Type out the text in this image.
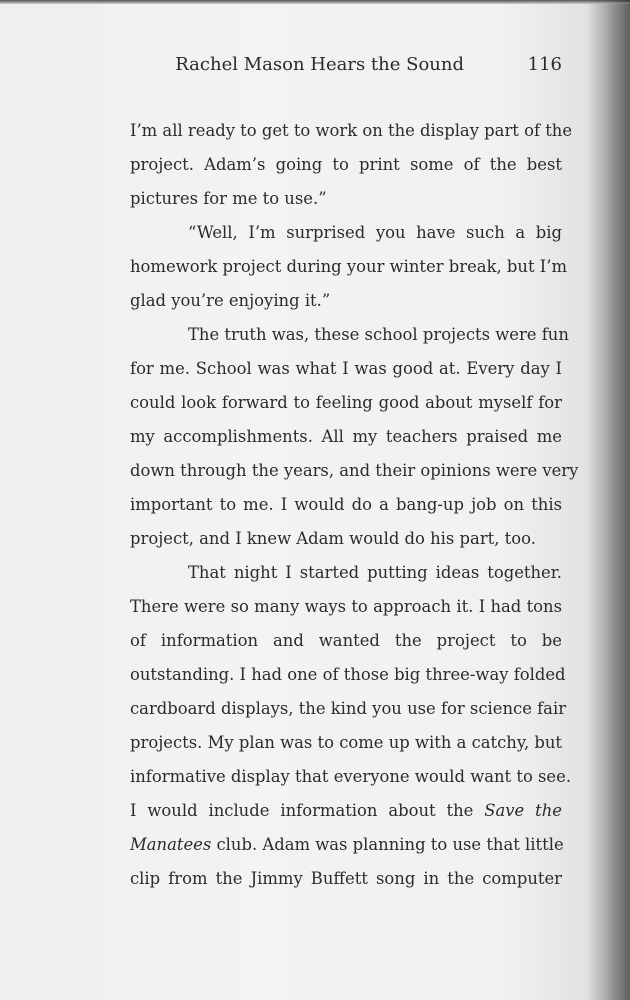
Rachel Mason Hears the Sound	116
I’m all ready to get to work on the display part of the
project. Adam’s going to print some of the best
pictures for me to use.”
“Well, I’m surprised you have such a big
homework project during your winter break, but I’m
glad you’re enjoying it.”
The truth was, these school projects were fun
for me. School was what I was good at. Every day I
could look forward to feeling good about myself for
my accomplishments. All my teachers praised me
down through the years, and their opinions were very
important to me. I would do a bang-up job on this
project, and I knew Adam would do his part, too.
That night I started putting ideas together.
There were so many ways to approach it. I had tons
of information and wanted the project to be
outstanding. I had one of those big three-way folded
cardboard displays, the kind you use for science fair
projects. My plan was to come up with a catchy, but
informative display that everyone would want to see.
I would include information about the Save the
Manatees club. Adam was planning to use that little
clip from the Jimmy Buffett song in the computer
